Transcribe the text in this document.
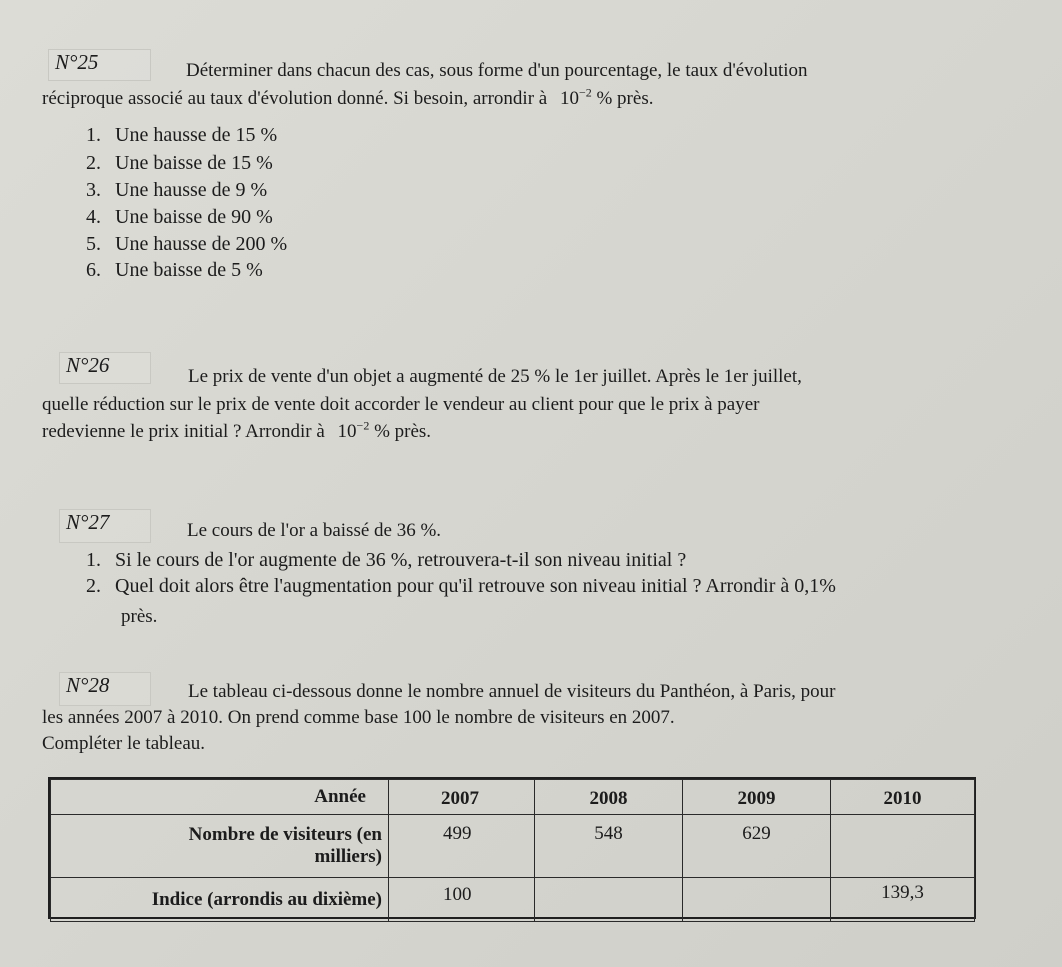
N°25	Déterminer dans chacun des cas, sous forme d'un pourcentage, le taux d'évolution
réciproque associé au taux d'évolution donné. Si besoin, arrondir à $10^{-2}$ % près.
1. Une hausse de 15 %
2. Une baisse de 15 %
3. Une hausse de 9 %
4. Une baisse de 90 %
5. Une hausse de 200 %
6. Une baisse de 5 %
N°26	Le prix de vente d'un objet a augmenté de 25 % le 1er juillet. Après le 1er juillet,
quelle réduction sur le prix de vente doit accorder le vendeur au client pour que le prix à payer
redevienne le prix initial ? Arrondir à $10^{-2}$ % près.
N°27	Le cours de l'or a baissé de 36 %.
1. Si le cours de l'or augmente de 36 %, retrouvera-t-il son niveau initial ?
2. Quel doit alors être l'augmentation pour qu'il retrouve son niveau initial ? Arrondir à 0,1%
près.
N°28	Le tableau ci-dessous donne le nombre annuel de visiteurs du Panthéon, à Paris, pour
les années 2007 à 2010. On prend comme base 100 le nombre de visiteurs en 2007.
Compléter le tableau.
Année	2007	2008	2009	2010

Nombre de visiteurs (en
milliers)	499	548	629	
Indice (arrondis au dixième)	100			139,3
